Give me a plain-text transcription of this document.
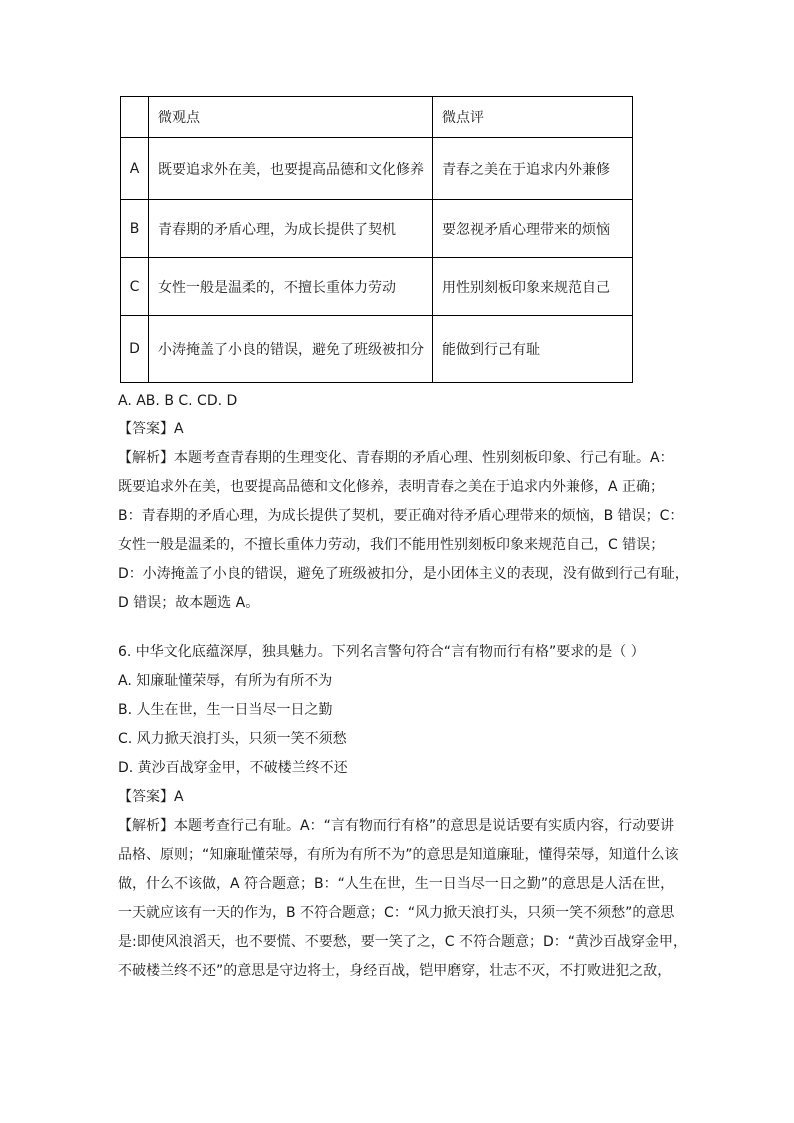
	微观点	微点评
A	既要追求外在美，也要提高品德和文化修养	青春之美在于追求内外兼修
B	青春期的矛盾心理，为成长提供了契机	要忽视矛盾心理带来的烦恼
C	女性一般是温柔的，不擅长重体力劳动	用性别刻板印象来规范自己
D	小涛掩盖了小良的错误，避免了班级被扣分	能做到行己有耻
A. AB. B C. CD. D
【答案】A
【解析】本题考查青春期的生理变化、青春期的矛盾心理、性别刻板印象、行己有耻。A：
既要追求外在美，也要提高品德和文化修养，表明青春之美在于追求内外兼修，A 正确；
B：青春期的矛盾心理，为成长提供了契机，要正确对待矛盾心理带来的烦恼，B 错误；C：
女性一般是温柔的，不擅长重体力劳动，我们不能用性别刻板印象来规范自己，C 错误；
D：小涛掩盖了小良的错误，避免了班级被扣分，是小团体主义的表现，没有做到行己有耻，
D 错误；故本题选 A。
6. 中华文化底蕴深厚，独具魅力。下列名言警句符合“言有物而行有格”要求的是（ ）
A. 知廉耻懂荣辱，有所为有所不为
B. 人生在世，生一日当尽一日之勤
C. 风力掀天浪打头，只须一笑不须愁
D. 黄沙百战穿金甲，不破楼兰终不还
【答案】A
【解析】本题考查行己有耻。A：“言有物而行有格”的意思是说话要有实质内容，行动要讲
品格、原则；“知廉耻懂荣辱，有所为有所不为”的意思是知道廉耻，懂得荣辱，知道什么该
做，什么不该做，A 符合题意；B：“人生在世，生一日当尽一日之勤”的意思是人活在世，
一天就应该有一天的作为，B 不符合题意；C：“风力掀天浪打头，只须一笑不须愁”的意思
是:即使风浪滔天，也不要慌、不要愁，要一笑了之，C 不符合题意；D：“黄沙百战穿金甲，
不破楼兰终不还”的意思是守边将士，身经百战，铠甲磨穿，壮志不灭，不打败进犯之敌，
